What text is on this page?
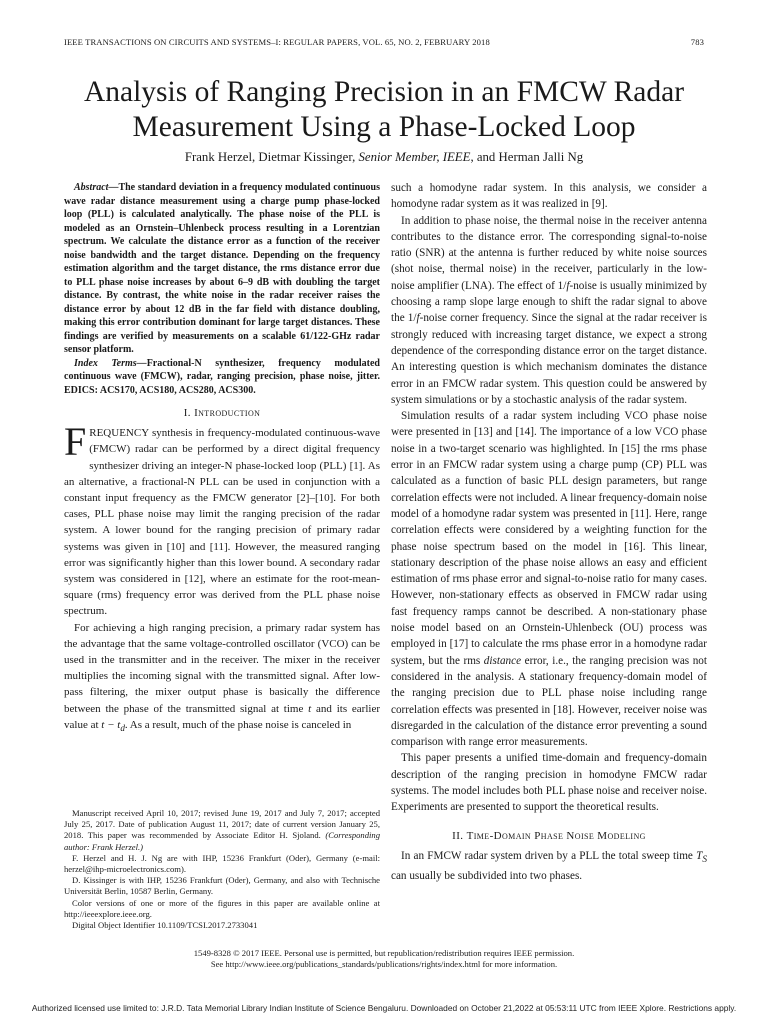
IEEE TRANSACTIONS ON CIRCUITS AND SYSTEMS–I: REGULAR PAPERS, VOL. 65, NO. 2, FEBRUARY 2018	783
Analysis of Ranging Precision in an FMCW Radar
Measurement Using a Phase-Locked Loop
Frank Herzel, Dietmar Kissinger, Senior Member, IEEE, and Herman Jalli Ng

Abstract—The standard deviation in a frequency modulated continuous wave radar distance measurement using a charge pump phase-locked loop (PLL) is calculated analytically. The phase noise of the PLL is modeled as an Ornstein–Uhlenbeck process resulting in a Lorentzian spectrum. We calculate the distance error as a function of the receiver noise bandwidth and the target distance. Depending on the frequency estimation algorithm and the target distance, the rms distance error due to PLL phase noise increases by about 6–9 dB with doubling the target distance. By contrast, the white noise in the radar receiver raises the distance error by about 12 dB in the far field with distance doubling, making this error contribution dominant for large target distances. These findings are verified by measurements on a scalable 61/122-GHz radar sensor platform.

Index Terms—Fractional-N synthesizer, frequency modulated continuous wave (FMCW), radar, ranging precision, phase noise, jitter. EDICS: ACS170, ACS180, ACS280, ACS300.

I. Introduction

FREQUENCY synthesis in frequency-modulated continuous-wave (FMCW) radar can be performed by a direct digital frequency synthesizer driving an integer-N phase-locked loop (PLL) [1]. As an alternative, a fractional-N PLL can be used in conjunction with a constant input frequency as the FMCW generator [2]–[10]. For both cases, PLL phase noise may limit the ranging precision of the radar system. A lower bound for the ranging precision of primary radar systems was given in [10] and [11]. However, the measured ranging error was significantly higher than this lower bound. A secondary radar system was considered in [12], where an estimate for the root-mean-square (rms) frequency error was derived from the PLL phase noise spectrum.

For achieving a high ranging precision, a primary radar system has the advantage that the same voltage-controlled oscillator (VCO) can be used in the transmitter and in the receiver. The mixer in the receiver multiplies the incoming signal with the transmitted signal. After low-pass filtering, the mixer output phase is basically the difference between the phase of the transmitted signal at time t and its earlier value at $t - t_d$. As a result, much of the phase noise is canceled in

Manuscript received April 10, 2017; revised June 19, 2017 and July 7, 2017; accepted July 25, 2017. Date of publication August 11, 2017; date of current version January 25, 2018. This paper was recommended by Associate Editor H. Sjoland. (Corresponding author: Frank Herzel.)

F. Herzel and H. J. Ng are with IHP, 15236 Frankfurt (Oder), Germany (e-mail: herzel@ihp-microelectronics.com).

D. Kissinger is with IHP, 15236 Frankfurt (Oder), Germany, and also with Technische Universität Berlin, 10587 Berlin, Germany.

Color versions of one or more of the figures in this paper are available online at http://ieeexplore.ieee.org.

Digital Object Identifier 10.1109/TCSI.2017.2733041

such a homodyne radar system. In this analysis, we consider a homodyne radar system as it was realized in [9].

In addition to phase noise, the thermal noise in the receiver antenna contributes to the distance error. The corresponding signal-to-noise ratio (SNR) at the antenna is further reduced by white noise sources (shot noise, thermal noise) in the receiver, particularly in the low-noise amplifier (LNA). The effect of 1/f-noise is usually minimized by choosing a ramp slope large enough to shift the radar signal to above the 1/f-noise corner frequency. Since the signal at the radar receiver is strongly reduced with increasing target distance, we expect a strong dependence of the corresponding distance error on the target distance. An interesting question is which mechanism dominates the distance error in an FMCW radar system. This question could be answered by system simulations or by a stochastic analysis of the radar system.

Simulation results of a radar system including VCO phase noise were presented in [13] and [14]. The importance of a low VCO phase noise in a two-target scenario was highlighted. In [15] the rms phase error in an FMCW radar system using a charge pump (CP) PLL was calculated as a function of basic PLL design parameters, but range correlation effects were not included. A linear frequency-domain noise model of a homodyne radar system was presented in [11]. Here, range correlation effects were considered by a weighting function for the phase noise spectrum based on the model in [16]. This linear, stationary description of the phase noise allows an easy and efficient estimation of rms phase error and signal-to-noise ratio for many cases. However, non-stationary effects as observed in FMCW radar using fast frequency ramps cannot be described. A non-stationary phase noise model based on an Ornstein-Uhlenbeck (OU) process was employed in [17] to calculate the rms phase error in a homodyne radar system, but the rms distance error, i.e., the ranging precision was not considered in the analysis. A stationary frequency-domain model of the ranging precision due to PLL phase noise including range correlation effects was presented in [18]. However, receiver noise was disregarded in the calculation of the distance error preventing a sound comparison with range error measurements.

This paper presents a unified time-domain and frequency-domain description of the ranging precision in homodyne FMCW radar systems. The model includes both PLL phase noise and receiver noise. Experiments are presented to support the theoretical results.

II. Time-Domain Phase Noise Modeling

In an FMCW radar system driven by a PLL the total sweep time $T_S$ can usually be subdivided into two phases.

1549-8328 © 2017 IEEE. Personal use is permitted, but republication/redistribution requires IEEE permission.
See http://www.ieee.org/publications_standards/publications/rights/index.html for more information.
Authorized licensed use limited to: J.R.D. Tata Memorial Library Indian Institute of Science Bengaluru. Downloaded on October 21,2022 at 05:53:11 UTC from IEEE Xplore. Restrictions apply.
